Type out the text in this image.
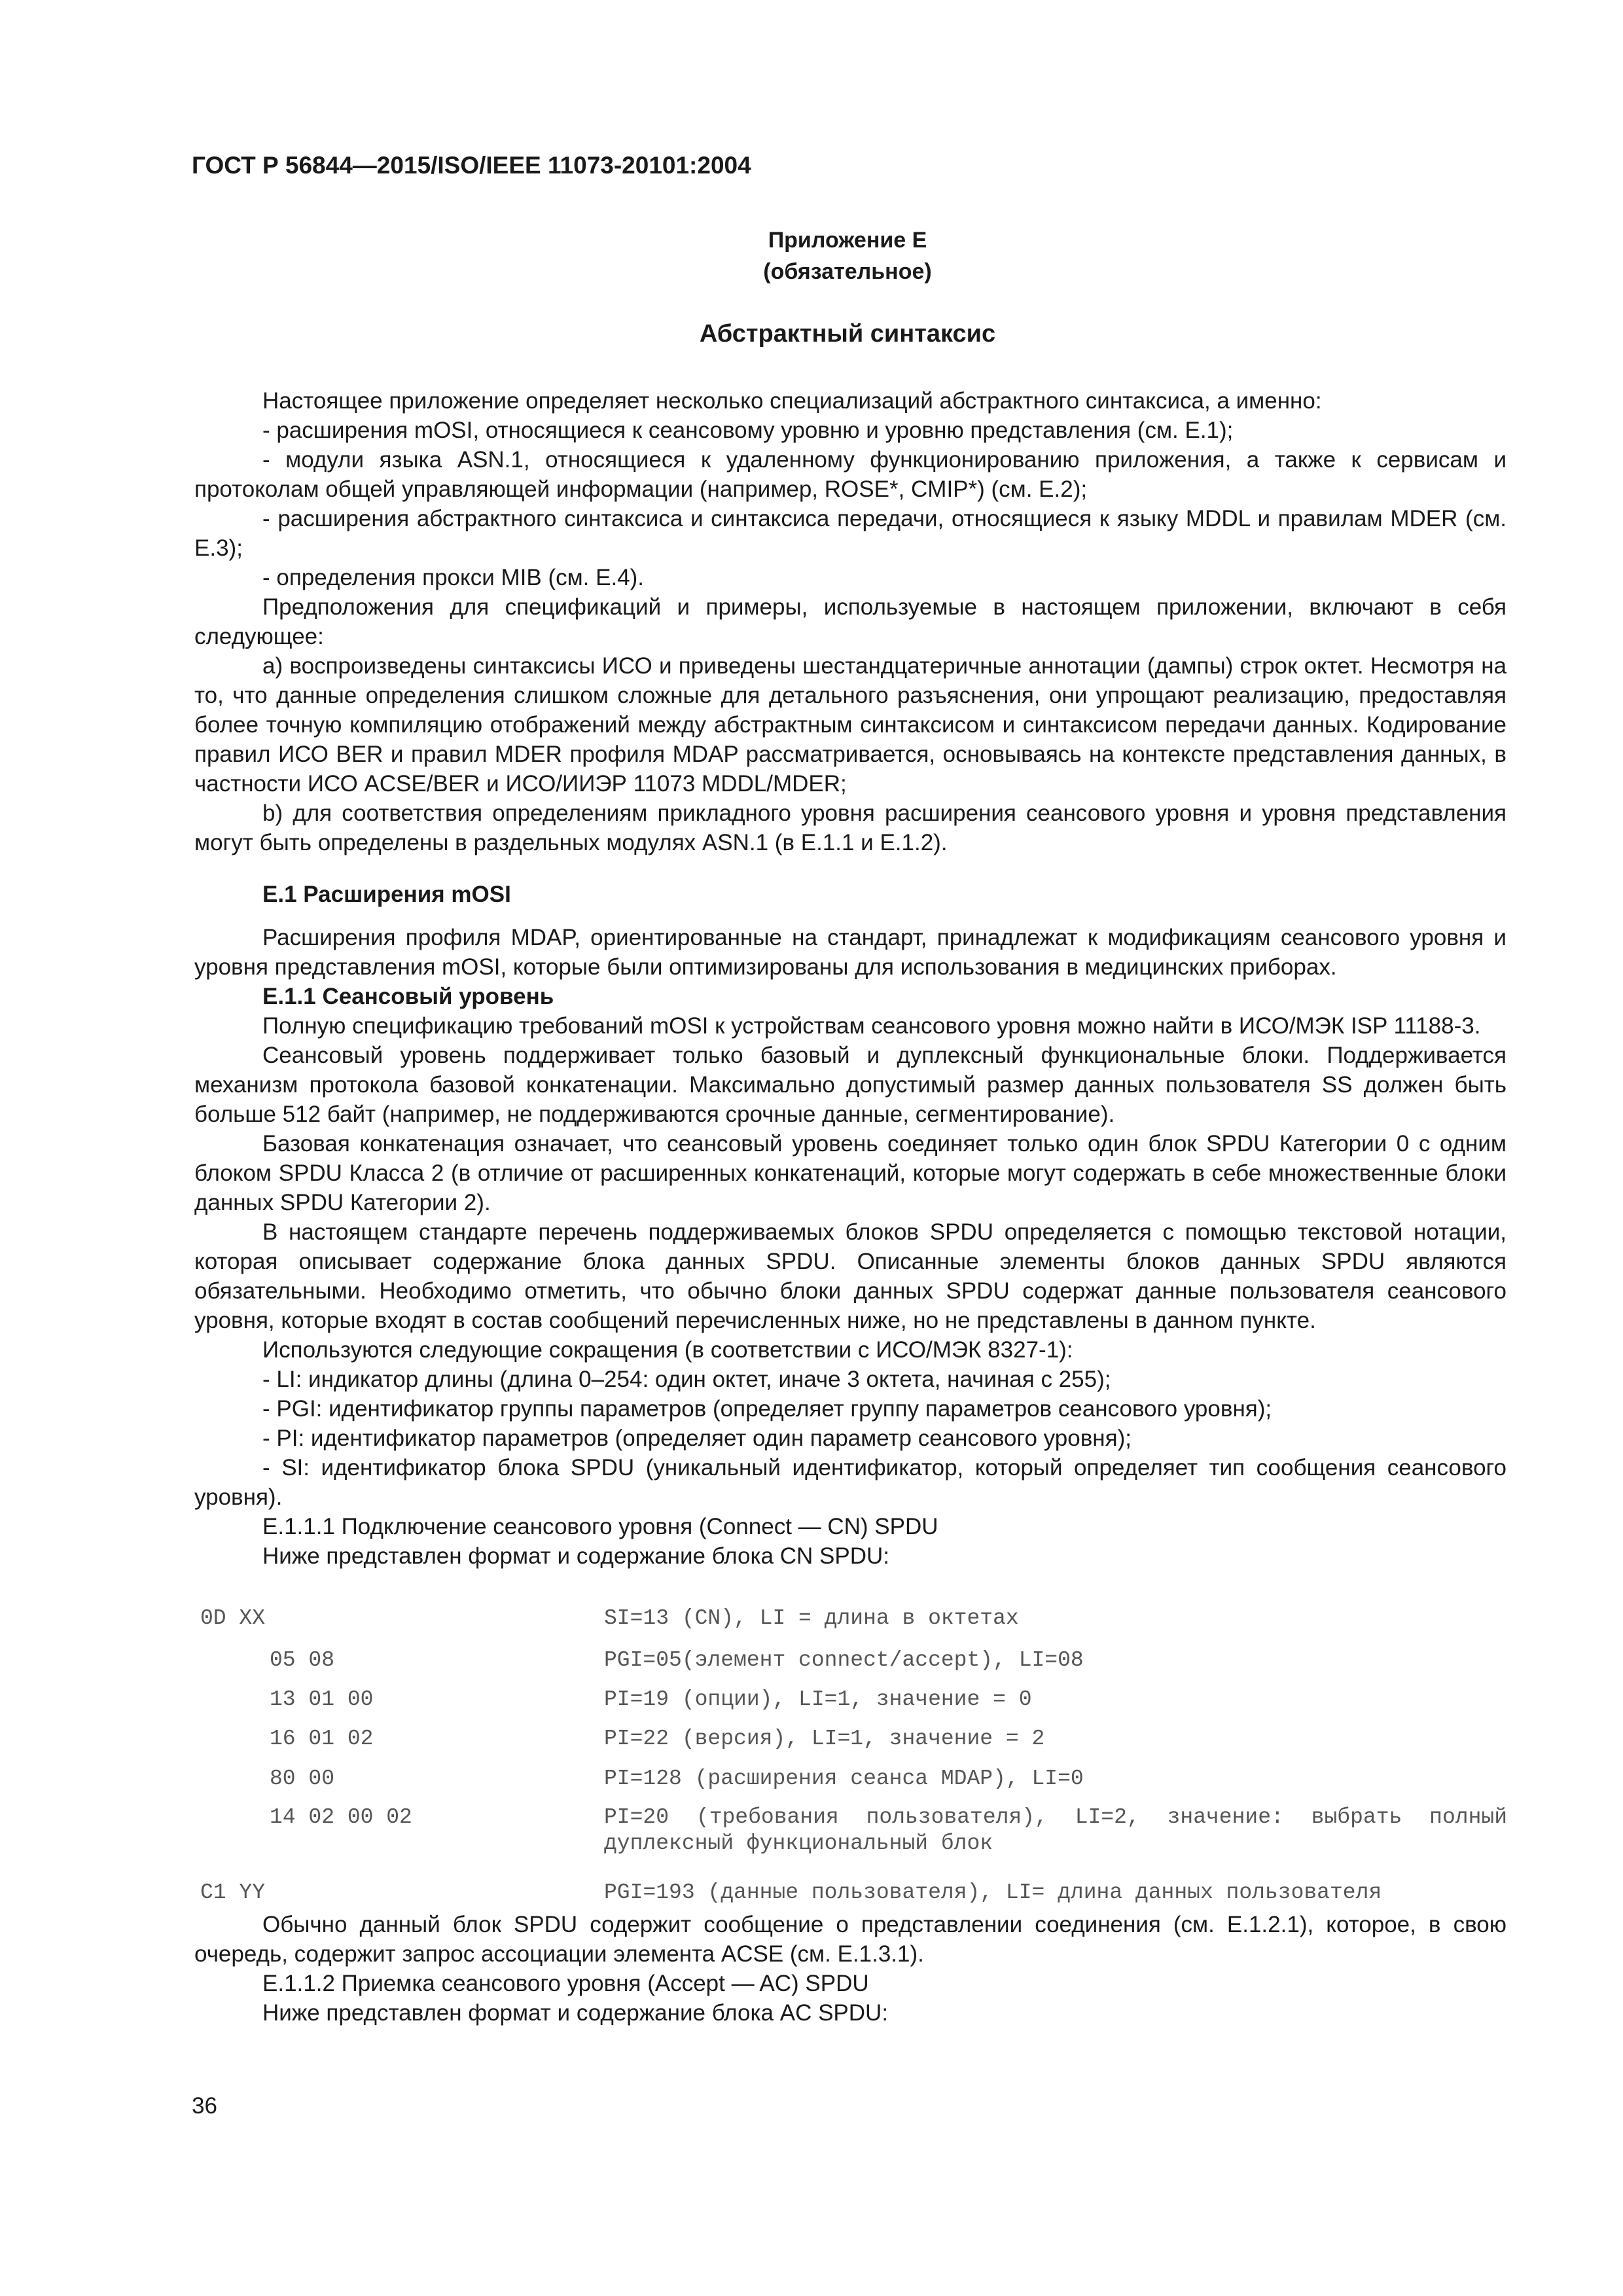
ГОСТ Р 56844—2015/ISO/IEEE 11073-20101:2004
Приложение Е
(обязательное)
Абстрактный синтаксис

Настоящее приложение определяет несколько специализаций абстрактного синтаксиса, а именно:

- расширения mOSI, относящиеся к сеансовому уровню и уровню представления (см. Е.1);

- модули языка ASN.1, относящиеся к удаленному функционированию приложения, а также к сервисам и протоколам общей управляющей информации (например, ROSE*, CMIP*) (см. Е.2);

- расширения абстрактного синтаксиса и синтаксиса передачи, относящиеся к языку MDDL и правилам MDER (см. Е.3);

- определения прокси MIB (см. Е.4).

Предположения для спецификаций и примеры, используемые в настоящем приложении, включают в себя следующее:

a) воспроизведены синтаксисы ИСО и приведены шестандцатеричные аннотации (дампы) строк октет. Несмотря на то, что данные определения слишком сложные для детального разъяснения, они упрощают реализацию, предоставляя более точную компиляцию отображений между абстрактным синтаксисом и синтаксисом передачи данных. Кодирование правил ИСО BER и правил MDER профиля MDAP рассматривается, основываясь на контексте представления данных, в частности ИСО ACSE/BER и ИСО/ИИЭР 11073 MDDL/MDER;

b) для соответствия определениям прикладного уровня расширения сеансового уровня и уровня представления могут быть определены в раздельных модулях ASN.1 (в Е.1.1 и Е.1.2).

Е.1 Расширения mOSI

Расширения профиля MDAP, ориентированные на стандарт, принадлежат к модификациям сеансового уровня и уровня представления mOSI, которые были оптимизированы для использования в медицинских приборах.

Е.1.1 Сеансовый уровень

Полную спецификацию требований mOSI к устройствам сеансового уровня можно найти в ИСО/МЭК ISP 11188-3.

Сеансовый уровень поддерживает только базовый и дуплексный функциональные блоки. Поддерживается механизм протокола базовой конкатенации. Максимально допустимый размер данных пользователя SS должен быть больше 512 байт (например, не поддерживаются срочные данные, сегментирование).

Базовая конкатенация означает, что сеансовый уровень соединяет только один блок SPDU Категории 0 с одним блоком SPDU Класса 2 (в отличие от расширенных конкатенаций, которые могут содержать в себе множественные блоки данных SPDU Категории 2).

В настоящем стандарте перечень поддерживаемых блоков SPDU определяется с помощью текстовой нотации, которая описывает содержание блока данных SPDU. Описанные элементы блоков данных SPDU являются обязательными. Необходимо отметить, что обычно блоки данных SPDU содержат данные пользователя сеансового уровня, которые входят в состав сообщений перечисленных ниже, но не представлены в данном пункте.

Используются следующие сокращения (в соответствии с ИСО/МЭК 8327-1):

- LI: индикатор длины (длина 0–254: один октет, иначе 3 октета, начиная с 255);

- PGI: идентификатор группы параметров (определяет группу параметров сеансового уровня);

- PI: идентификатор параметров (определяет один параметр сеансового уровня);

- SI: идентификатор блока SPDU (уникальный идентификатор, который определяет тип сообщения сеансового уровня).

Е.1.1.1 Подключение сеансового уровня (Connect — CN) SPDU

Ниже представлен формат и содержание блока CN SPDU:

0D XX	SI=13 (CN), LI = длина в октетах
05 08	PGI=05(элемент connect/accept), LI=08
13 01 00	PI=19 (опции), LI=1, значение = 0
16 01 02	PI=22 (версия), LI=1, значение = 2
80 00	PI=128 (расширения сеанса MDAP), LI=0
14 02 00 02	PI=20 (требования пользователя), LI=2, значение: выбрать полный дуплексный функциональный блок
C1 YY	PGI=193 (данные пользователя), LI= длина данных пользователя

Обычно данный блок SPDU содержит сообщение о представлении соединения (см. Е.1.2.1), которое, в свою очередь, содержит запрос ассоциации элемента ACSE (см. Е.1.3.1).

Е.1.1.2 Приемка сеансового уровня (Accept — AC) SPDU

Ниже представлен формат и содержание блока AC SPDU:

36
